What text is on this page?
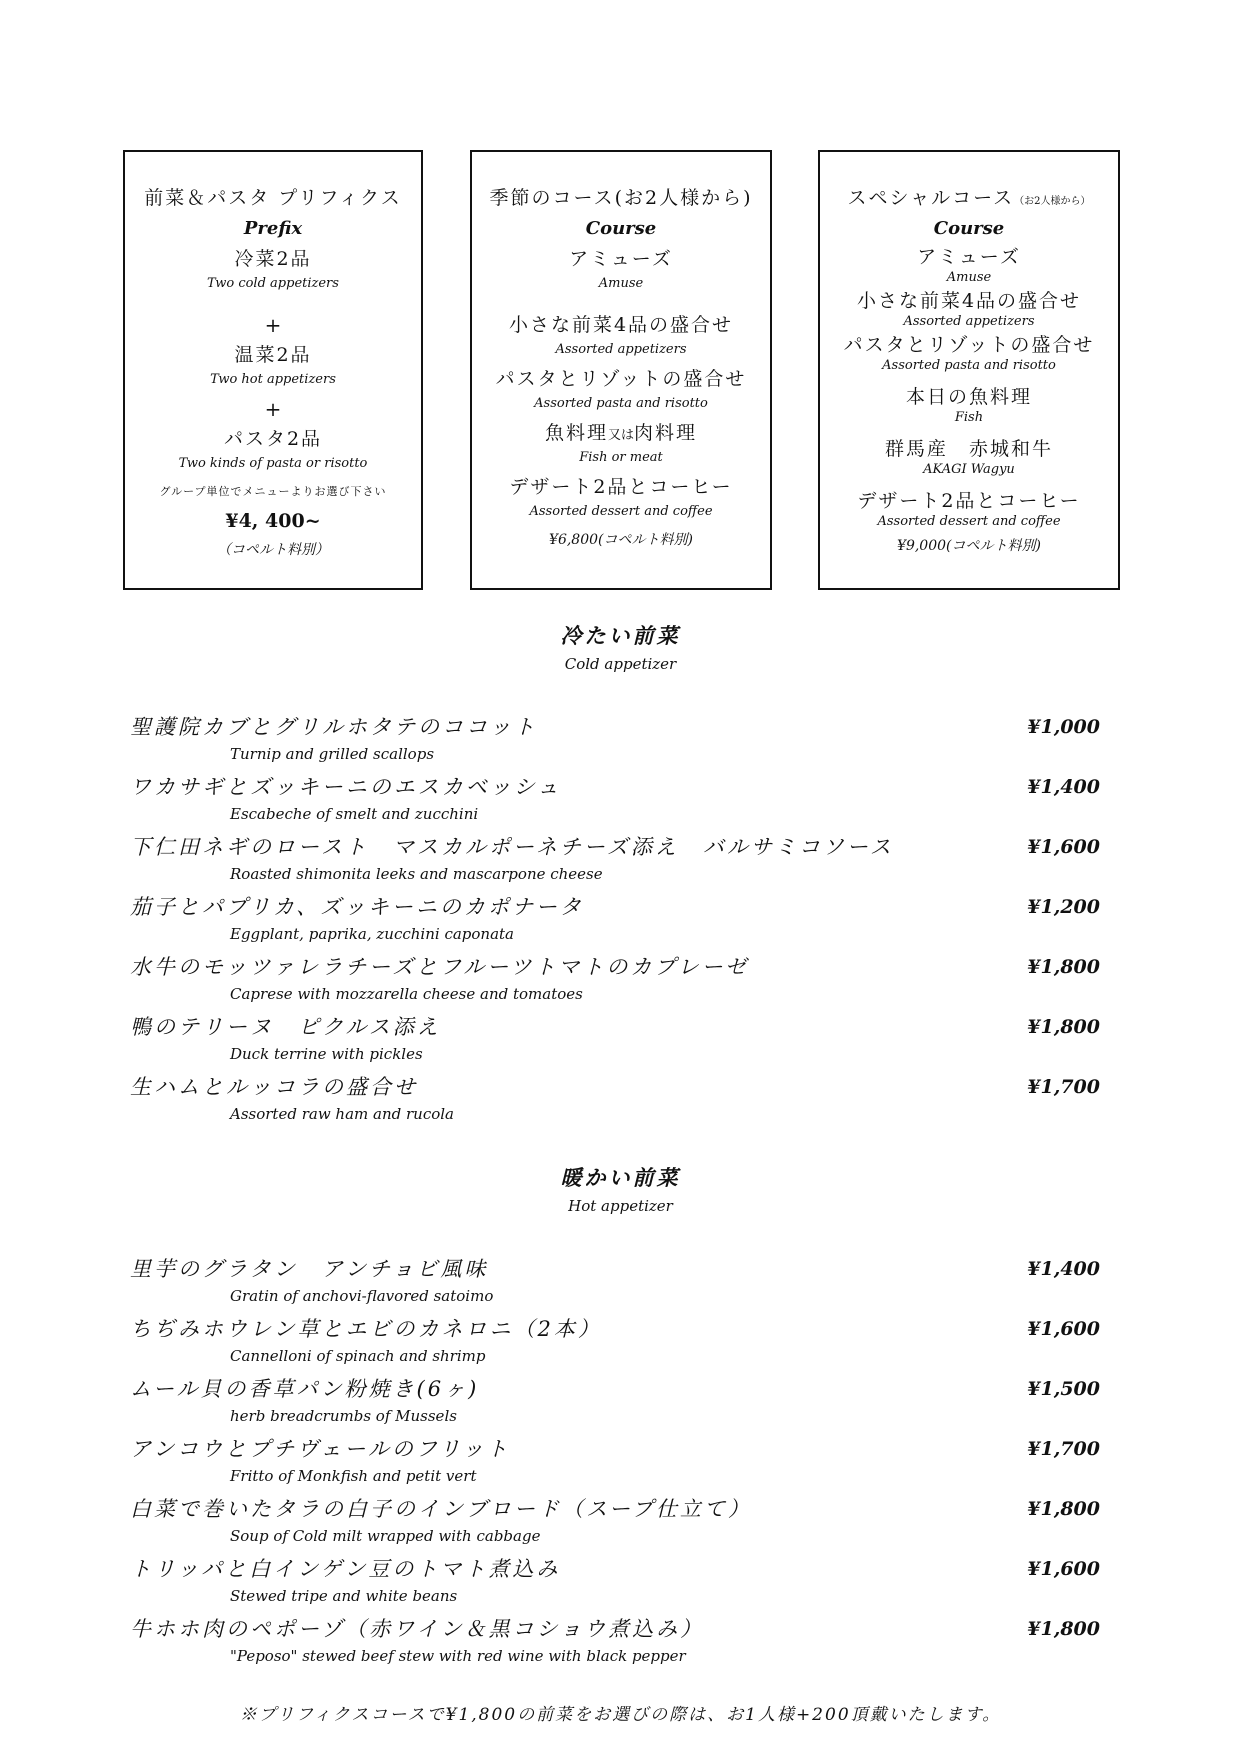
前菜＆パスタ プリフィクス
Prefix
冷菜2品
Two cold appetizers
+
温菜2品
Two hot appetizers
+
パスタ2品
Two kinds of pasta or risotto
グループ単位でメニューよりお選び下さい
¥4, 400~
（コペルト料別）
季節のコース(お2人様から)
Course
アミューズ
Amuse
小さな前菜4品の盛合せ
Assorted appetizers
パスタとリゾットの盛合せ
Assorted pasta and risotto
魚料理又は肉料理
Fish or meat
デザート2品とコーヒー
Assorted dessert and coffee
¥6,800(コペルト料別)
スペシャルコース（お2人様から）
Course
アミューズ
Amuse
小さな前菜4品の盛合せ
Assorted appetizers
パスタとリゾットの盛合せ
Assorted pasta and risotto
本日の魚料理
Fish
群馬産　赤城和牛
AKAGI Wagyu
デザート2品とコーヒー
Assorted dessert and coffee
¥9,000(コペルト料別)
冷たい前菜
Cold appetizer
聖護院カブとグリルホタテのココット
Turnip and grilled scallops
¥1,000
ワカサギとズッキーニのエスカベッシュ
Escabeche of smelt and zucchini
¥1,400
下仁田ネギのロースト　マスカルポーネチーズ添え　バルサミコソース
Roasted shimonita leeks and mascarpone cheese
¥1,600
茄子とパプリカ、ズッキーニのカポナータ
Eggplant, paprika, zucchini caponata
¥1,200
水牛のモッツァレラチーズとフルーツトマトのカプレーゼ
Caprese with mozzarella cheese and tomatoes
¥1,800
鴨のテリーヌ　ピクルス添え
Duck terrine with pickles
¥1,800
生ハムとルッコラの盛合せ
Assorted raw ham and rucola
¥1,700
暖かい前菜
Hot appetizer
里芋のグラタン　アンチョビ風味
Gratin of anchovi-flavored satoimo
¥1,400
ちぢみホウレン草とエビのカネロニ（2本）
Cannelloni of spinach and shrimp
¥1,600
ムール貝の香草パン粉焼き(6ヶ)
herb breadcrumbs of Mussels
¥1,500
アンコウとプチヴェールのフリット
Fritto of Monkfish and petit vert
¥1,700
白菜で巻いたタラの白子のインブロード（スープ仕立て）
Soup of Cold milt wrapped with cabbage
¥1,800
トリッパと白インゲン豆のトマト煮込み
Stewed tripe and white beans
¥1,600
牛ホホ肉のペポーゾ（赤ワイン＆黒コショウ煮込み）
"Peposo" stewed beef stew with red wine with black pepper
¥1,800
※プリフィクスコースで¥1,800の前菜をお選びの際は、お1人様+200頂戴いたします。
